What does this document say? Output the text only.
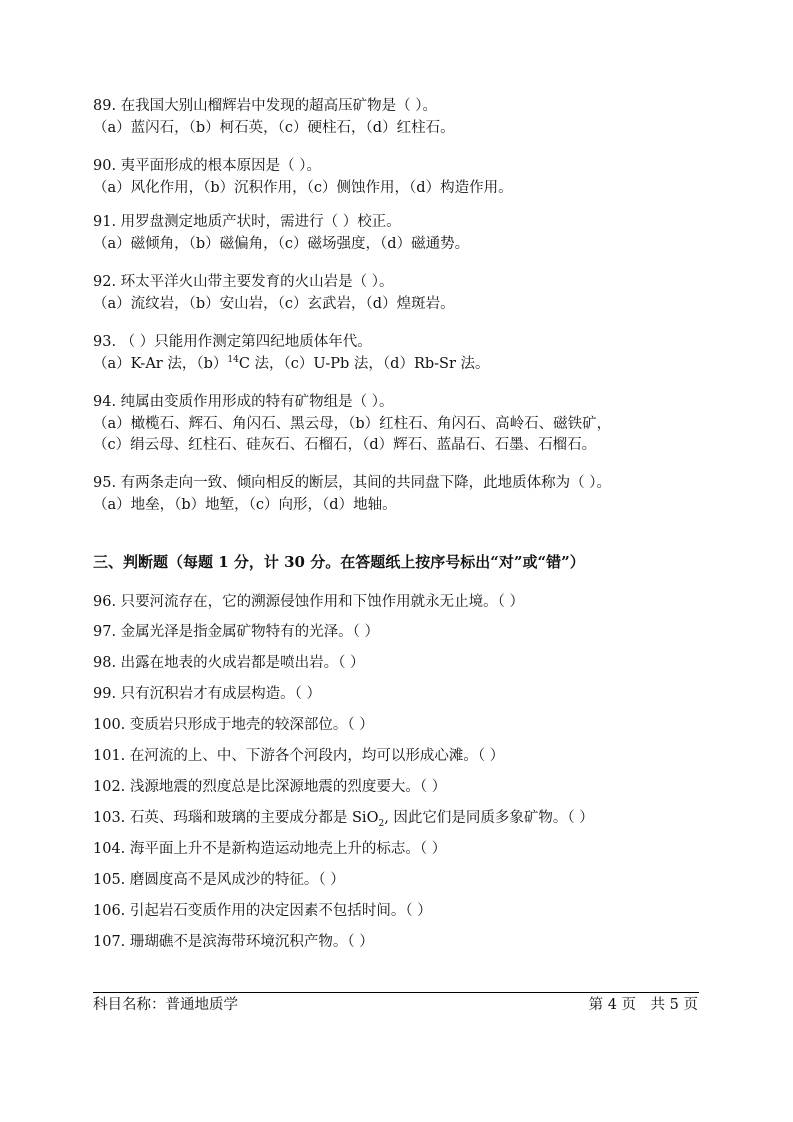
89. 在我国大别山榴辉岩中发现的超高压矿物是（ ）。
（a）蓝闪石，（b）柯石英，（c）硬柱石，（d）红柱石。
90. 夷平面形成的根本原因是（ ）。
（a）风化作用，（b）沉积作用，（c）侧蚀作用，（d）构造作用。
91. 用罗盘测定地质产状时，需进行（ ）校正。
（a）磁倾角，（b）磁偏角，（c）磁场强度，（d）磁通势。
92. 环太平洋火山带主要发育的火山岩是（ ）。
（a）流纹岩，（b）安山岩，（c）玄武岩，（d）煌斑岩。
93. （ ）只能用作测定第四纪地质体年代。
（a）K-Ar 法，$(b)^{14}C$ 法，（c）U-Pb 法，（d）Rb-Sr 法。
94. 纯属由变质作用形成的特有矿物组是（ ）。
（a）橄榄石、辉石、角闪石、黑云母，（b）红柱石、角闪石、高岭石、磁铁矿，
（c）绢云母、红柱石、硅灰石、石榴石，（d）辉石、蓝晶石、石墨、石榴石。
95. 有两条走向一致、倾向相反的断层，其间的共同盘下降，此地质体称为（ ）。
（a）地垒，（b）地堑，（c）向形，（d）地轴。
三、判断题（每题 1 分，计 30 分。在答题纸上按序号标出“对”或“错”）
96. 只要河流存在，它的溯源侵蚀作用和下蚀作用就永无止境。（ ）
97. 金属光泽是指金属矿物特有的光泽。（ ）
98. 出露在地表的火成岩都是喷出岩。（ ）
99. 只有沉积岩才有成层构造。（ ）
100. 变质岩只形成于地壳的较深部位。（ ）
101. 在河流的上、中、下游各个河段内，均可以形成心滩。（ ）
102. 浅源地震的烈度总是比深源地震的烈度要大。（ ）
103. 石英、玛瑙和玻璃的主要成分都是 SiO$_2$, 因此它们是同质多象矿物。（ ）
104. 海平面上升不是新构造运动地壳上升的标志。（ ）
105. 磨圆度高不是风成沙的特征。（ ）
106. 引起岩石变质作用的决定因素不包括时间。（ ）
107. 珊瑚礁不是滨海带环境沉积产物。（ ）
科目名称：普通地质学	第 4 页　共 5 页
